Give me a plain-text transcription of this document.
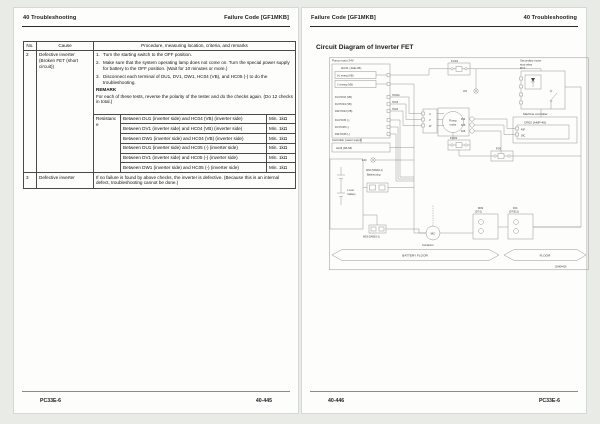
40 Troubleshooting	Failure Code [GF1MKB]
No.	Cause	Procedure, measuring location, criteria, and remarks		
2	Defective inverter (Broken FET (short circuit))	
1. Turn the starting switch to the OFF position.
2. Make sure that the system operating lamp does not come on. Turn the special power supply for battery to the OFF position. (Wait for 10 minutes or more.)
3. Disconnect each terminal of DU1, DV1, DW1, HC04 (VB), and HC05 (-) to do the troubleshooting.
REMARK
For each of these tests, reverse the polarity of the tester and do the checks again. (Do 12 checks in total.)

		Resistance	Between DU1 (inverter side) and HC04 (VB) (inverter side)	Min. 1kΩ
			Between DV1 (inverter side) and HC04 (VB) (inverter side)	Min. 1kΩ
			Between DW1 (inverter side) and HC04 (VB) (inverter side)	Min. 1kΩ
			Between DU1 (inverter side) and HC05 (-) (inverter side)	Min. 1kΩ
			Between DV1 (inverter side) and HC05 (-) (inverter side)	Min. 1kΩ
			Between DW1 (inverter side) and HC05 (-) (inverter side)	Min. 1kΩ
3	Defective inverter	If no failure is found by above checks, the inverter is defective. (Because this is an internal defect, troubleshooting cannot be done.)		
PC33E-6	40-445
Failure Code [GF1MKB]	40 Troubleshooting
Circuit Diagram of Inverter FET
Pump motor 24V
HC01 (JAE-36)
(+) energ (VB)
(-) energ (VB)
DU-HC04 (VB)
DV-HC04 (VB)
DW-HC04 (VB)
DU-HC05 (-)
DV-HC05 (-)
DW-HC05 (-)
HC02A
HC03
HC04
FU01
U
V
W
Pump
motor
FU03
Secondary motor
stop relay
RY1
J02
F04
F05
F06
Machine controller
CR02 (AMP-40)
40F
39C
Controller power supply
HL03 (AB-1B)
E10
F03
W02 (5AN63-1)
Battery plug
Li-ion
battery
W03 (5AN63-1)
MC
Contactor
M09
(DT-2)
F04
(DT-B12)
BATTERY FLOOR	FLOOR
02H04416
40-446	PC33E-6
